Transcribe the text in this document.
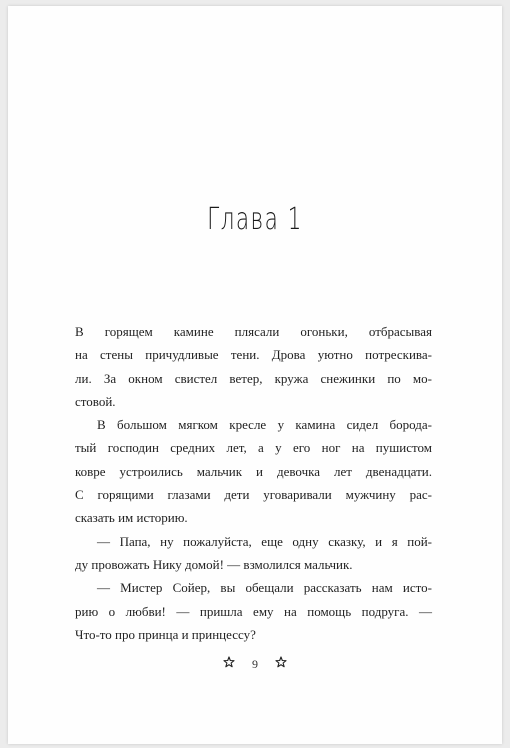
Глава 1
В горящем камине плясали огоньки, отбрасывая
на стены причудливые тени. Дрова уютно потрескива-
ли. За окном свистел ветер, кружа снежинки по мо-
стовой.
В большом мягком кресле у камина сидел борода-
тый господин средних лет, а у его ног на пушистом
ковре устроились мальчик и девочка лет двенадцати.
С горящими глазами дети уговаривали мужчину рас-
сказать им историю.
— Папа, ну пожалуйста, еще одну сказку, и я пой-
ду провожать Нику домой! — взмолился мальчик.
— Мистер Сойер, вы обещали рассказать нам исто-
рию о любви! — пришла ему на помощь подруга. —
Что-то про принца и принцессу?
9
